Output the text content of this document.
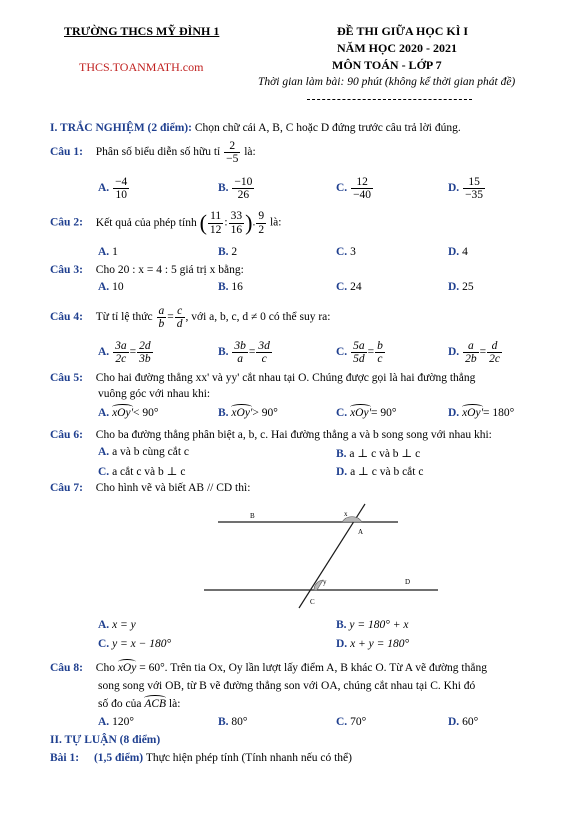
TRƯỜNG THCS MỸ ĐÌNH 1
THCS.TOANMATH.com
ĐỀ THI GIỮA HỌC KÌ I
NĂM HỌC 2020 - 2021
MÔN TOÁN - LỚP 7
Thời gian làm bài: 90 phút (không kể thời gian phát đề)
I. TRẮC NGHIỆM (2 điểm): Chọn chữ cái A, B, C hoặc D đứng trước câu trả lời đúng.
Câu 1: Phân số biểu diễn số hữu tỉ $\frac{2}{-5}$ là:
A. $\frac{-4}{10}$	B. $\frac{-10}{26}$	C. $\frac{12}{-40}$	D. $\frac{15}{-35}$
Câu 2: Kết quả của phép tính ( $\frac{11}{12}$ : $\frac{33}{16}$ ). $\frac{9}{2}$ là:
A. 1	B. 2	C. 3	D. 4
Câu 3: Cho 20 : x = 4 : 5 giá trị x bằng:
A. 10	B. 16	C. 24	D. 25
Câu 4: Từ tỉ lệ thức $\frac{a}{b} = \frac{c}{d}$ , với a, b, c, d ≠ 0 có thể suy ra:
A. $\frac{3a}{2c} = \frac{2d}{3b}$	B. $\frac{3b}{a} = \frac{3d}{c}$	C. $\frac{5a}{5d} = \frac{b}{c}$	D. $\frac{a}{2b} = \frac{d}{2c}$
Câu 5: Cho hai đường thẳng xx' và yy' cắt nhau tại O. Chúng được gọi là hai đường thẳng
vuông góc với nhau khi:
A. xOy'< 90°	B. xOy'> 90°	C. xOy'= 90°	D. xOy'= 180°
Câu 6: Cho ba đường thẳng phân biệt a, b, c. Hai đường thẳng a và b song song với nhau khi:
A. a và b cùng cắt c	B. a ⊥ c và b ⊥ c
C. a cắt c và b ⊥ c	D. a ⊥ c và b cắt c
Câu 7: Cho hình vẽ và biết AB // CD thì:
B
A
x
y
C
D
A. x = y	B. y = 180° + x
C. y = x − 180°	D. x + y = 180°
Câu 8: Cho xOy = 60°. Trên tia Ox, Oy lần lượt lấy điểm A, B khác O. Từ A vẽ đường thẳng
song song với OB, từ B vẽ đường thẳng son với OA, chúng cắt nhau tại C. Khi đó
số đo của ACB là:
A. 120°	B. 80°	C. 70°	D. 60°
II. TỰ LUẬN (8 điểm)
Bài 1: (1,5 điểm) Thực hiện phép tính (Tính nhanh nếu có thể)
